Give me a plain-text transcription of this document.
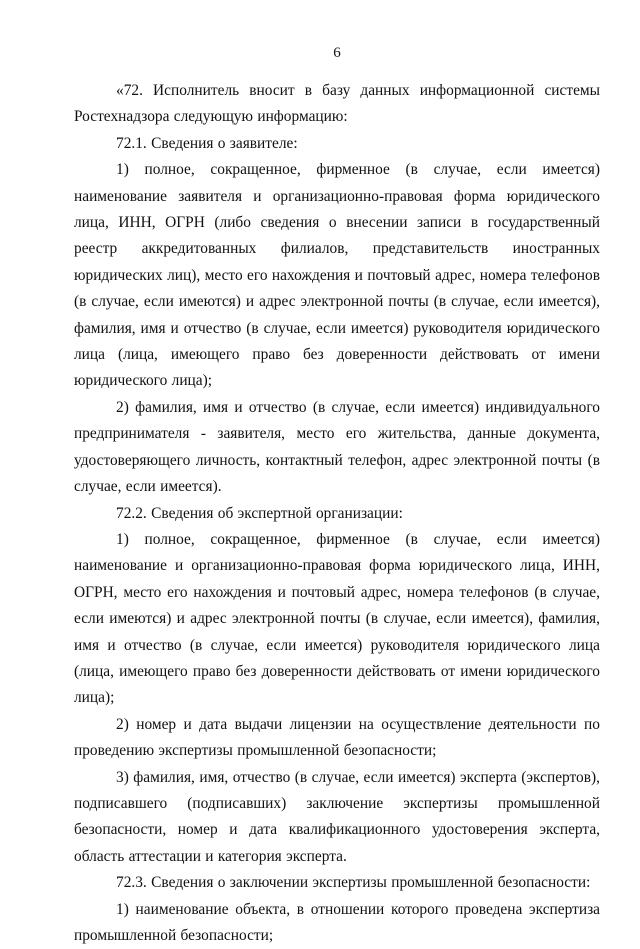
6

«72. Исполнитель вносит в базу данных информационной системы Ростехнадзора следующую информацию:

72.1. Сведения о заявителе:

1) полное, сокращенное, фирменное (в случае, если имеется) наименование заявителя и организационно-правовая форма юридического лица, ИНН, ОГРН (либо сведения о внесении записи в государственный реестр аккредитованных филиалов, представительств иностранных юридических лиц), место его нахождения и почтовый адрес, номера телефонов (в случае, если имеются) и адрес электронной почты (в случае, если имеется), фамилия, имя и отчество (в случае, если имеется) руководителя юридического лица (лица, имеющего право без доверенности действовать от имени юридического лица);

2) фамилия, имя и отчество (в случае, если имеется) индивидуального предпринимателя - заявителя, место его жительства, данные документа, удостоверяющего личность, контактный телефон, адрес электронной почты (в случае, если имеется).

72.2. Сведения об экспертной организации:

1) полное, сокращенное, фирменное (в случае, если имеется) наименование и организационно-правовая форма юридического лица, ИНН, ОГРН, место его нахождения и почтовый адрес, номера телефонов (в случае, если имеются) и адрес электронной почты (в случае, если имеется), фамилия, имя и отчество (в случае, если имеется) руководителя юридического лица (лица, имеющего право без доверенности действовать от имени юридического лица);

2) номер и дата выдачи лицензии на осуществление деятельности по проведению экспертизы промышленной безопасности;

3) фамилия, имя, отчество (в случае, если имеется) эксперта (экспертов), подписавшего (подписавших) заключение экспертизы промышленной безопасности, номер и дата квалификационного удостоверения эксперта, область аттестации и категория эксперта.

72.3. Сведения о заключении экспертизы промышленной безопасности:

1) наименование объекта, в отношении которого проведена экспертиза промышленной безопасности;
